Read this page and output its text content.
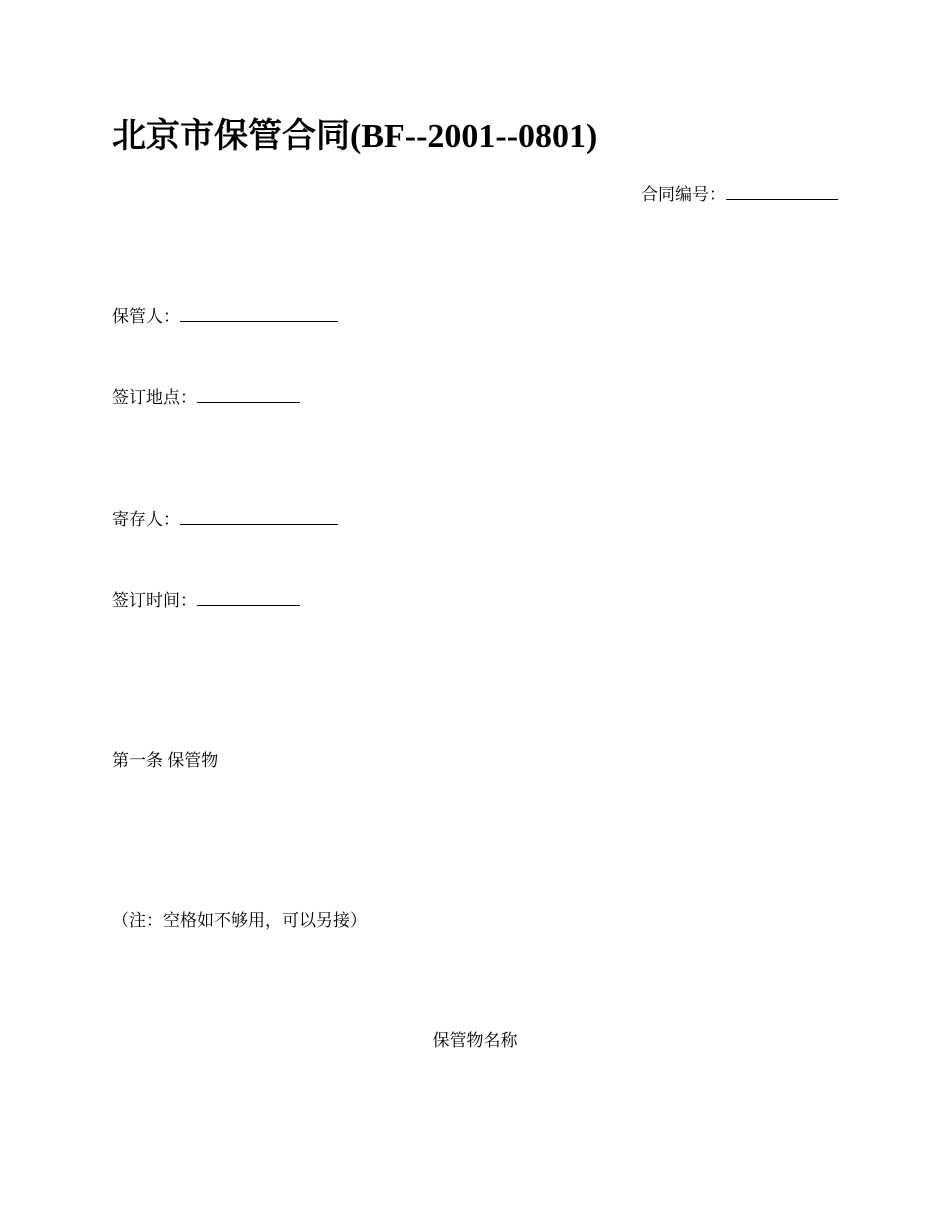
北京市保管合同(BF--2001--0801)
合同编号：
保管人：
签订地点：
寄存人：
签订时间：
第一条 保管物
（注：空格如不够用，可以另接）
保管物名称
